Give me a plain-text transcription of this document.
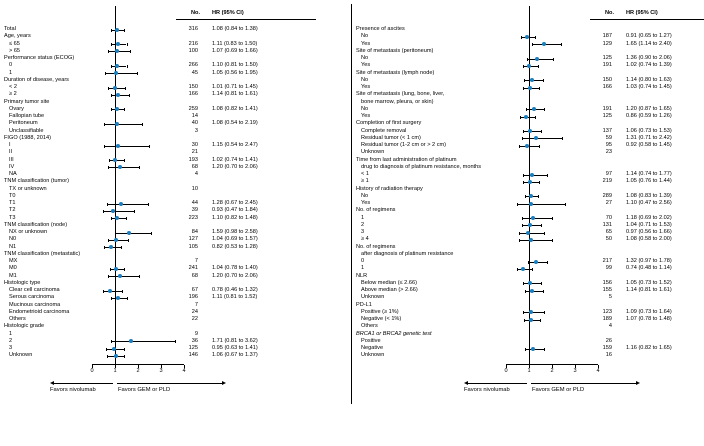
No. HR (95% CI)
0	1	2	3	4
Favors nivolumab	Favors GEM or PLD
Total	316	1.08 (0.84 to 1.38)
Age, years
≤ 65	216	1.11 (0.83 to 1.50)
> 65	100	1.07 (0.69 to 1.66)
Performance status (ECOG)
0	266	1.10 (0.81 to 1.50)
1	45	1.05 (0.56 to 1.95)
Duration of disease, years
< 2	150	1.01 (0.71 to 1.45)
≥ 2	166	1.14 (0.81 to 1.61)
Primary tumor site
Ovary	259	1.08 (0.82 to 1.41)
Fallopian tube	14
Peritoneum	40	1.08 (0.54 to 2.19)
Unclassifiable	3
FIGO (1988, 2014)
I	30	1.15 (0.54 to 2.47)
II	21
III	193	1.02 (0.74 to 1.41)
IV	68	1.20 (0.70 to 2.06)
NA	4
TNM classification (tumor)
TX or unknown	10
T0
T1	44	1.28 (0.67 to 2.45)
T2	39	0.93 (0.47 to 1.84)
T3	223	1.10 (0.82 to 1.48)
TNM classification (node)
NX or unknown	84	1.59 (0.98 to 2.58)
N0	127	1.04 (0.69 to 1.57)
N1	105	0.82 (0.53 to 1.28)
TNM classification (metastatic)
MX	7
M0	241	1.04 (0.78 to 1.40)
M1	68	1.20 (0.70 to 2.06)
Histologic type
Clear cell carcinoma	67	0.78 (0.46 to 1.32)
Serous carcinoma	196	1.11 (0.81 to 1.52)
Mucinous carcinoma	7
Endometrioid carcinoma	24
Others	22
Histologic grade
1	9
2	36	1.71 (0.81 to 3.62)
3	125	0.95 (0.63 to 1.41)
Unknown	146	1.06 (0.67 to 1.37)
No. HR (95% CI)
0	1	2	3	4
Favors nivolumab	Favors GEM or PLD
Presence of ascites
No	187	0.91 (0.65 to 1.27)
Yes	129	1.65 (1.14 to 2.40)
Site of metastasis (peritoneum)
No	125	1.36 (0.90 to 2.06)
Yes	191	1.02 (0.74 to 1.39)
Site of metastasis (lymph node)
No	150	1.14 (0.80 to 1.63)
Yes	166	1.03 (0.74 to 1.45)
Site of metastasis (lung, bone, liver,
bone marrow, pleura, or skin)
No	191	1.20 (0.87 to 1.65)
Yes	125	0.86 (0.59 to 1.26)
Completion of first surgery
Complete removal	137	1.06 (0.73 to 1.53)
Residual tumor (< 1 cm)	59	1.31 (0.71 to 2.42)
Residual tumor (1-2 cm or > 2 cm)	95	0.92 (0.58 to 1.45)
Unknown	23
Time from last administration of platinum
drug to diagnosis of platinum resistance, months
< 1	97	1.14 (0.74 to 1.77)
≥ 1	219	1.05 (0.76 to 1.44)
History of radiation therapy
No	289	1.08 (0.83 to 1.39)
Yes	27	1.10 (0.47 to 2.56)
No. of regimens
1	70	1.18 (0.69 to 2.02)
2	131	1.04 (0.71 to 1.53)
3	65	0.97 (0.56 to 1.66)
≥ 4	50	1.08 (0.58 to 2.00)
No. of regimens
after diagnosis of platinum resistance
0	217	1.32 (0.97 to 1.78)
1	99	0.74 (0.48 to 1.14)
NLR
Below median (≤ 2.66)	156	1.05 (0.73 to 1.52)
Above median (> 2.66)	155	1.14 (0.81 to 1.61)
Unknown	5
PD-L1
Positive (≥ 1%)	123	1.09 (0.73 to 1.64)
Negative (< 1%)	189	1.07 (0.78 to 1.48)
Others	4
BRCA1 or BRCA2 genetic test
Positive	26
Negative	159	1.16 (0.82 to 1.65)
Unknown	16
